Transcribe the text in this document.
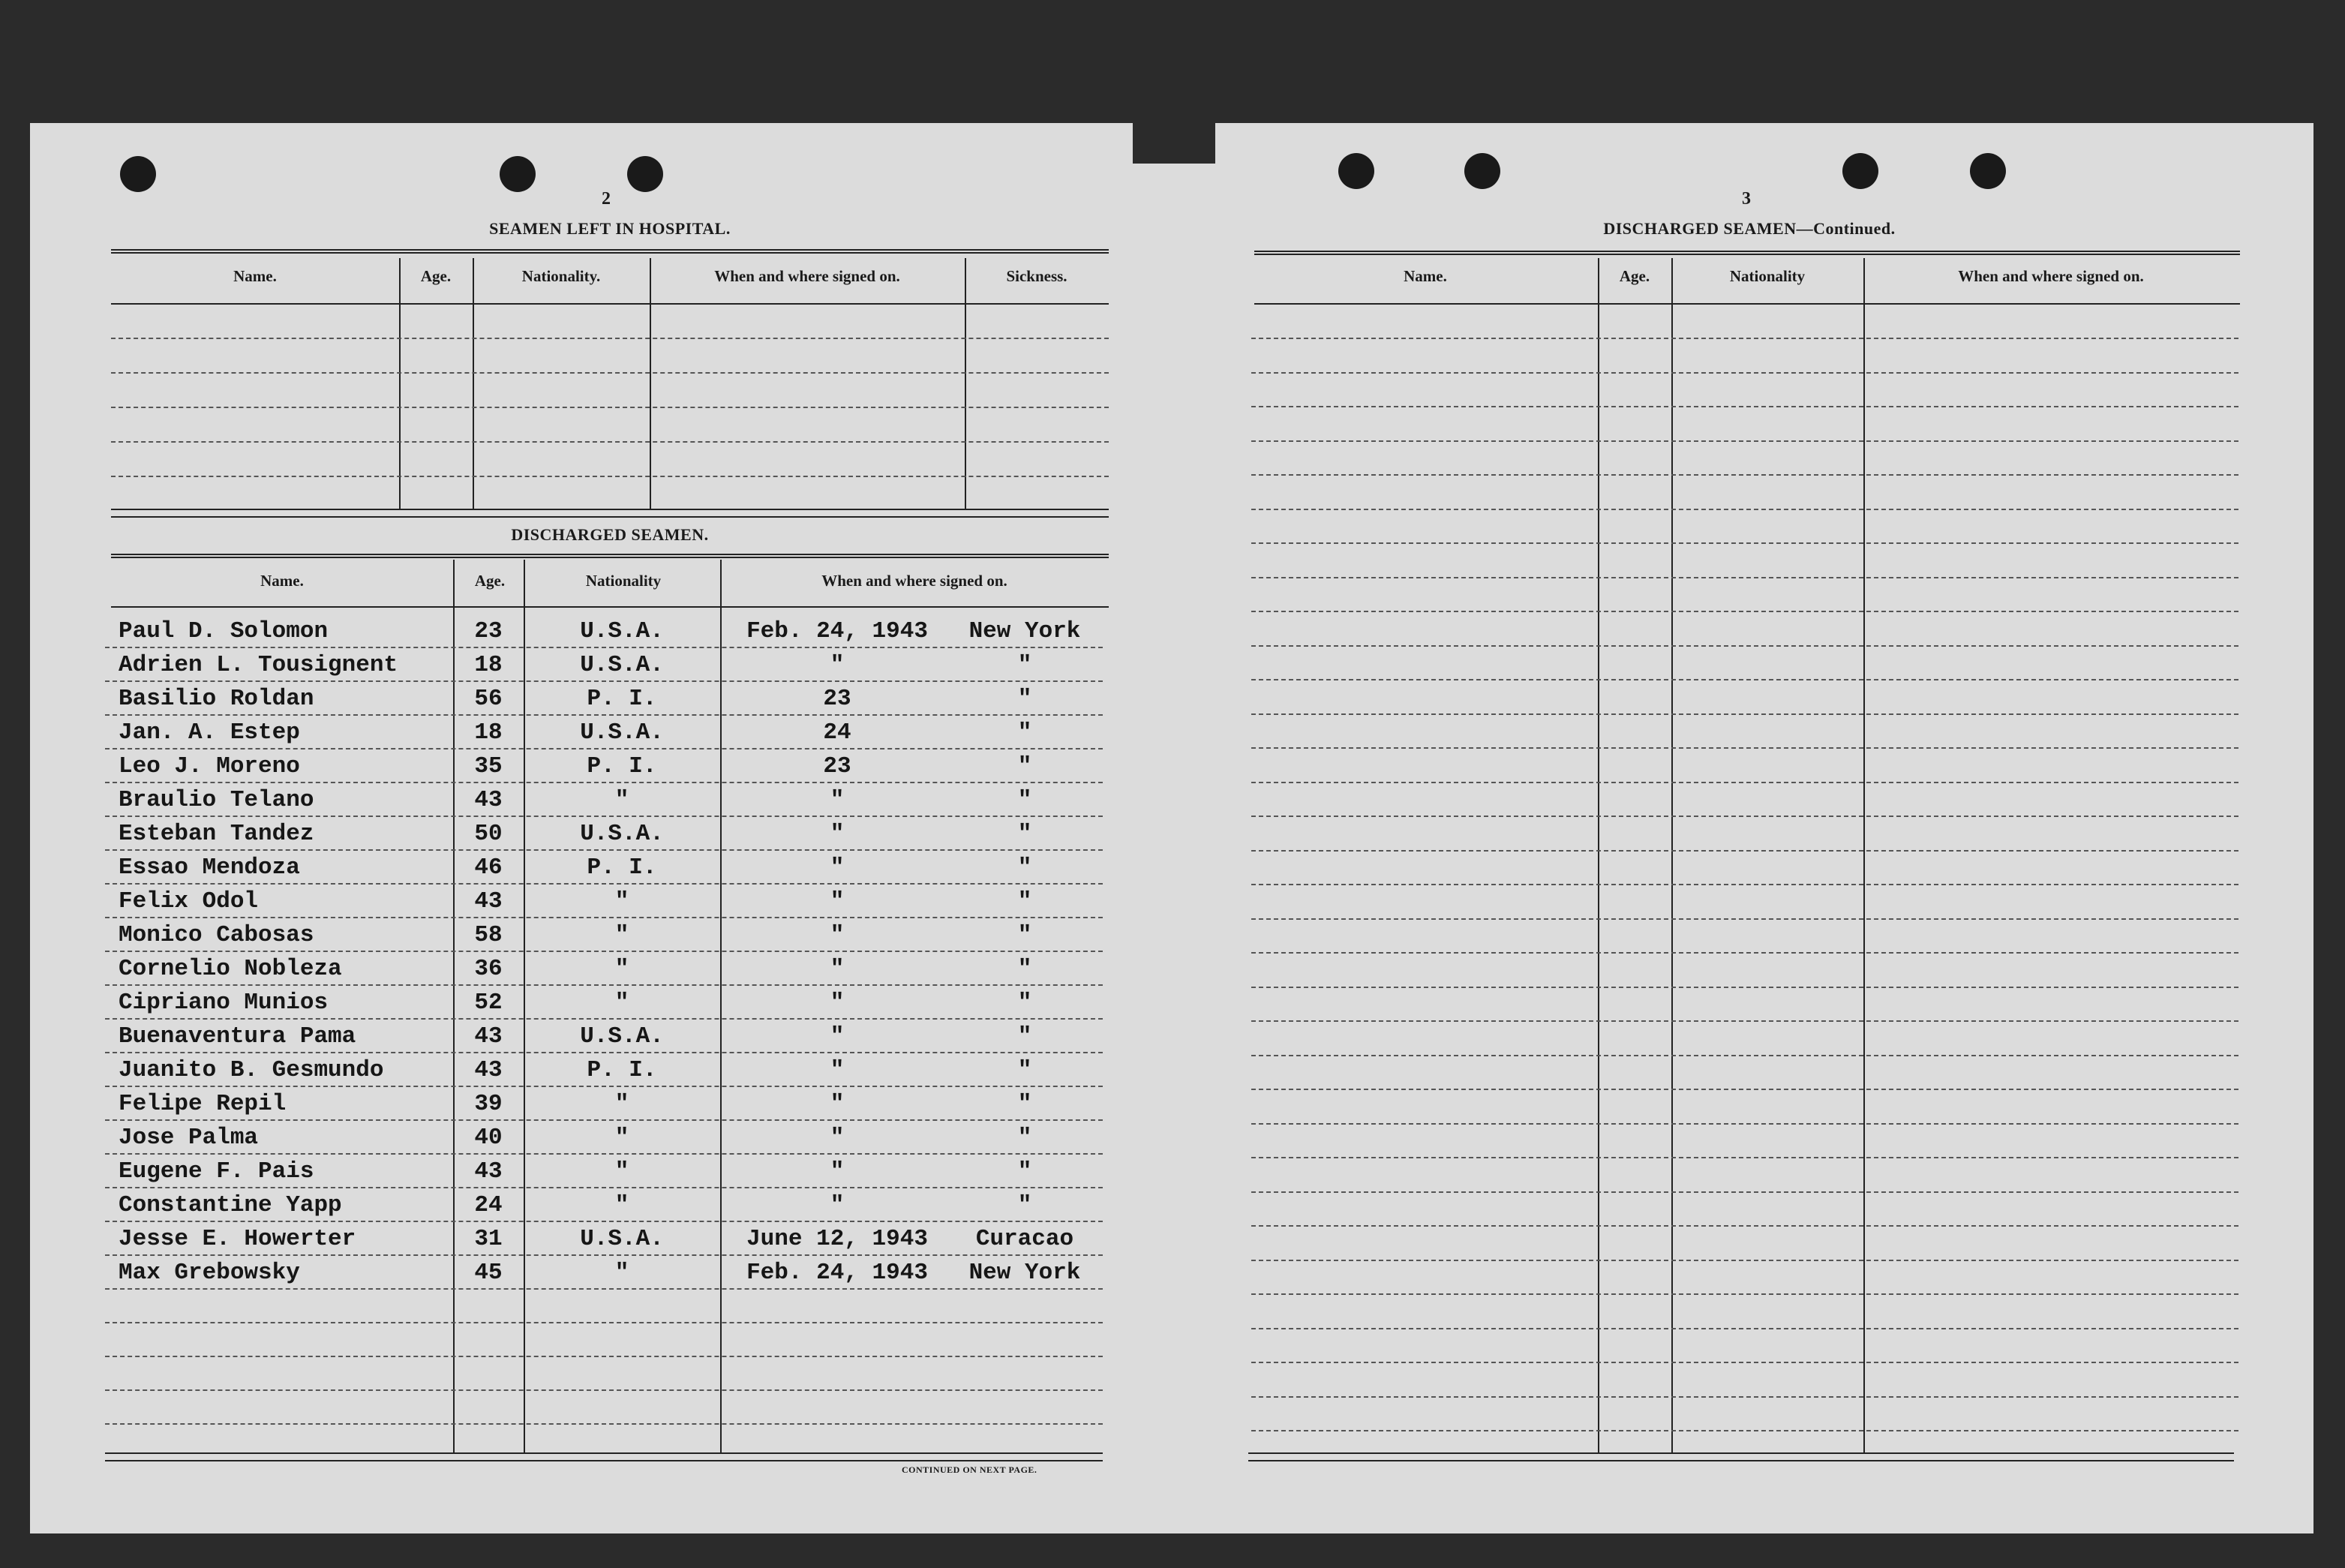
2
SEAMEN LEFT IN HOSPITAL.
Name.	Age.	Nationality.	When and where signed on.	Sickness.
DISCHARGED SEAMEN.
Name.	Age.	Nationality	When and where signed on.
Paul D. Solomon	23	U.S.A.	Feb. 24, 1943	New York
Adrien L. Tousignent	18	U.S.A.	"	"
Basilio Roldan	56	P. I.	23	"
Jan. A. Estep	18	U.S.A.	24	"
Leo J. Moreno	35	P. I.	23	"
Braulio Telano	43	"	"	"
Esteban Tandez	50	U.S.A.	"	"
Essao Mendoza	46	P. I.	"	"
Felix Odol	43	"	"	"
Monico Cabosas	58	"	"	"
Cornelio Nobleza	36	"	"	"
Cipriano Munios	52	"	"	"
Buenaventura Pama	43	U.S.A.	"	"
Juanito B. Gesmundo	43	P. I.	"	"
Felipe Repil	39	"	"	"
Jose Palma	40	"	"	"
Eugene F. Pais	43	"	"	"
Constantine Yapp	24	"	"	"
Jesse E. Howerter	31	U.S.A.	June 12, 1943	Curacao
Max Grebowsky	45	"	Feb. 24, 1943	New York
CONTINUED ON NEXT PAGE.
3
DISCHARGED SEAMEN—Continued.
Name.	Age.	Nationality	When and where signed on.
